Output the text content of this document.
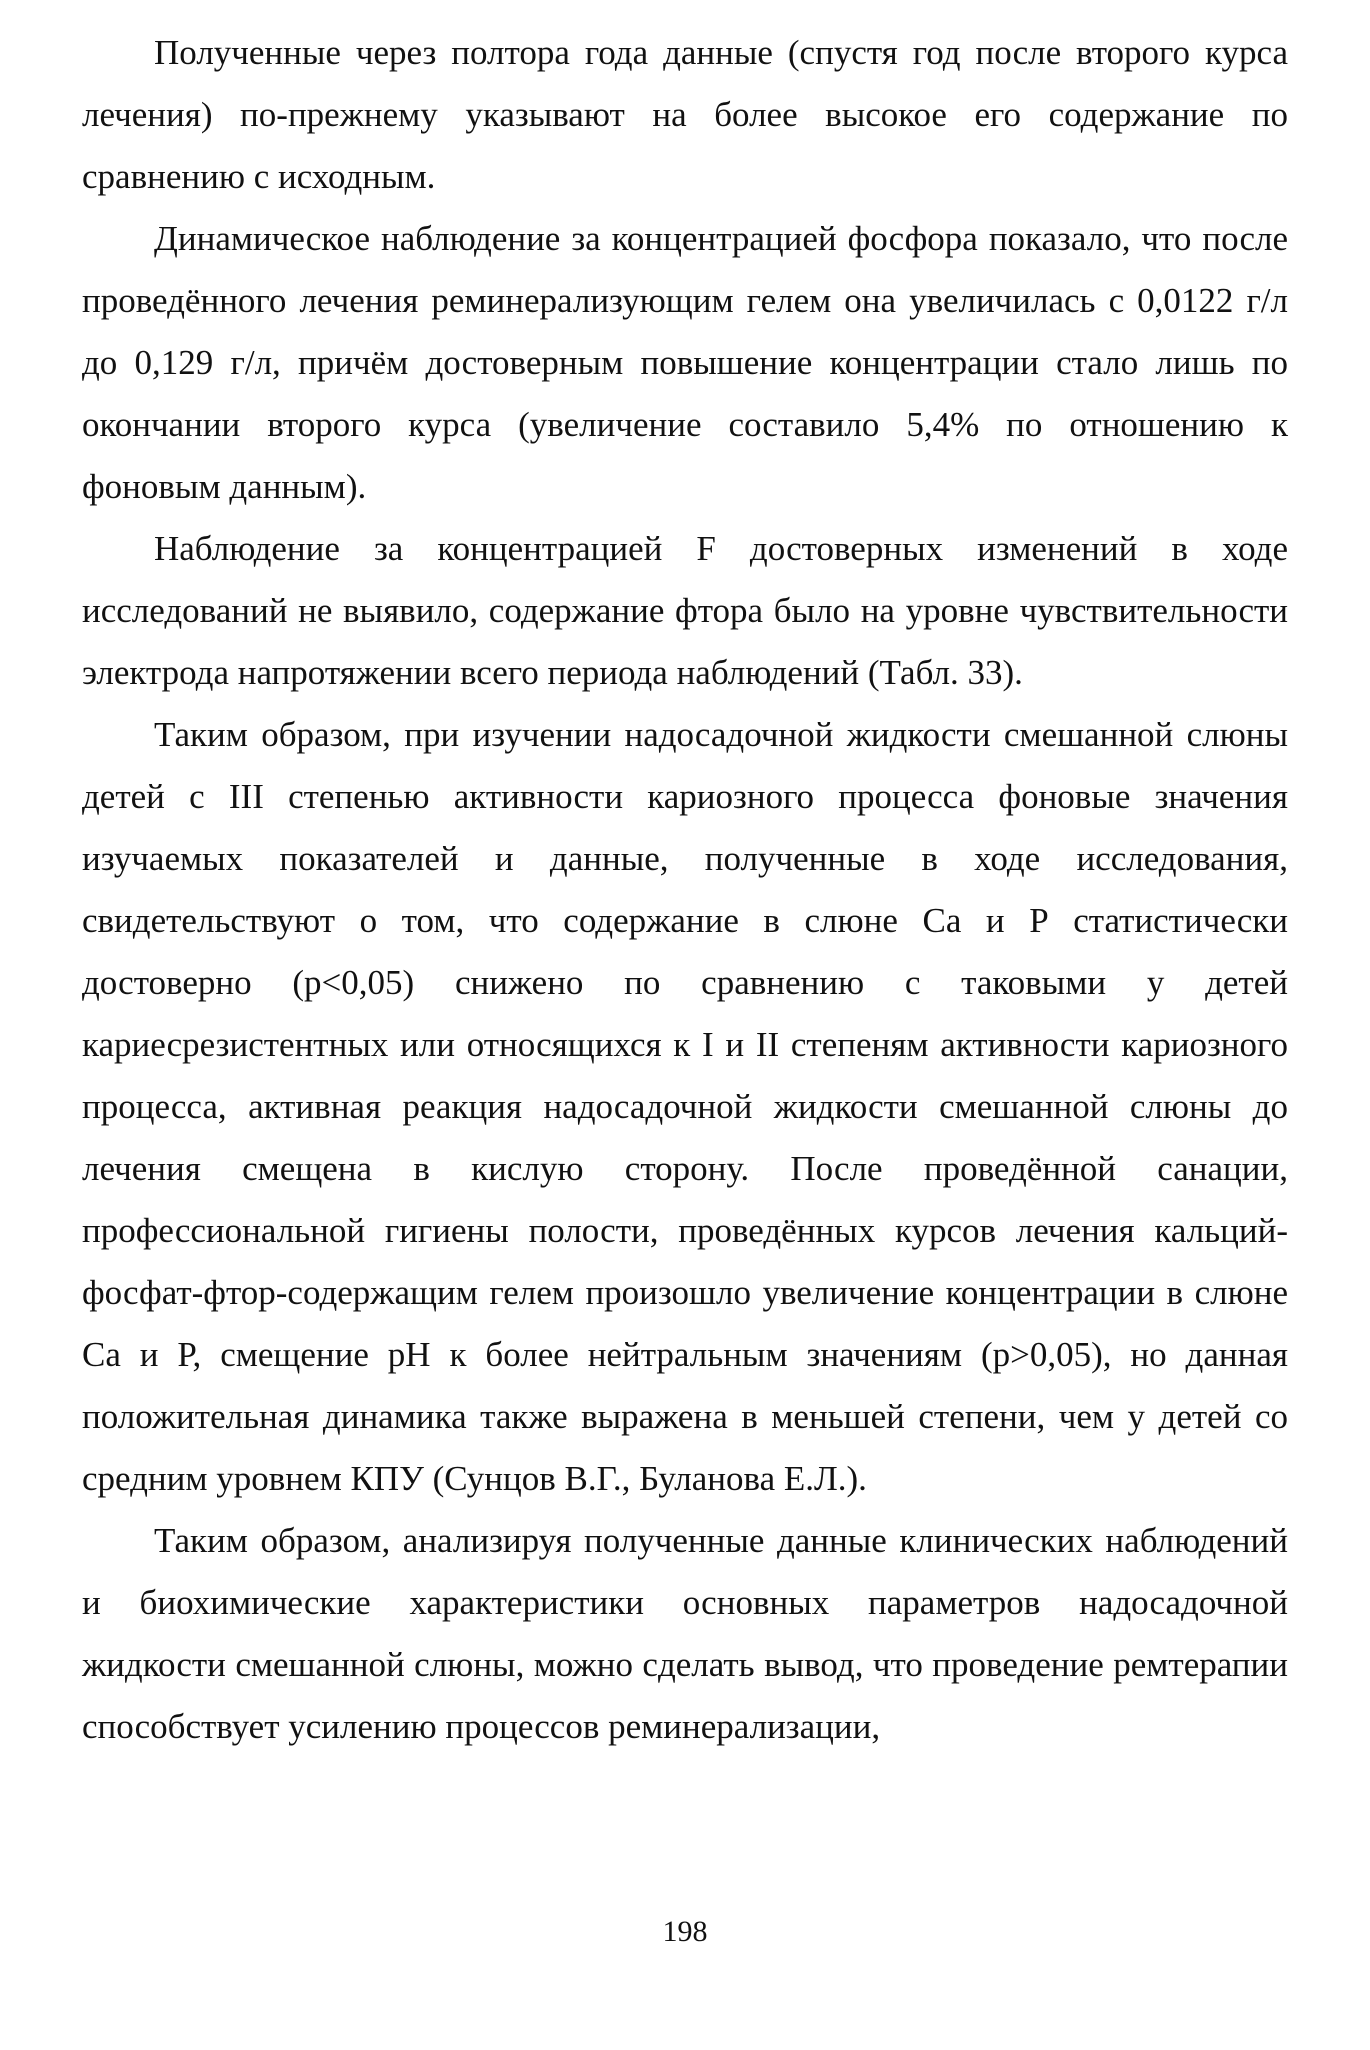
Полученные через полтора года данные (спустя год после второго курса лечения) по-прежнему указывают на более высокое его содержание по сравнению с исходным.

Динамическое наблюдение за концентрацией фосфора показало, что после проведённого лечения реминерализующим гелем она увеличилась с 0,0122 г/л до 0,129 г/л, причём достоверным повышение концентрации стало лишь по окончании второго курса (увеличение составило 5,4% по отношению к фоновым данным).

Наблюдение за концентрацией F достоверных изменений в ходе исследований не выявило, содержание фтора было на уровне чувствительности электрода напротяжении всего периода наблюдений (Табл. 33).

Таким образом, при изучении надосадочной жидкости смешанной слюны детей с III степенью активности кариозного процесса фоновые значения изучаемых показателей и данные, полученные в ходе исследования, свидетельствуют о том, что содержание в слюне Са и Р статистически достоверно (р<0,05) снижено по сравнению с таковыми у детей кариесрезистентных или относящихся к I и II степеням активности кариозного процесса, активная реакция надосадочной жидкости смешанной слюны до лечения смещена в кислую сторону. После проведённой санации, профессиональной гигиены полости, проведённых курсов лечения кальций-фосфат-фтор-содержащим гелем произошло увеличение концентрации в слюне Са и Р, смещение рН к более нейтральным значениям (р>0,05), но данная положительная динамика также выражена в меньшей степени, чем у детей со средним уровнем КПУ (Сунцов В.Г., Буланова Е.Л.).

Таким образом, анализируя полученные данные клинических наблюдений и биохимические характеристики основных параметров надосадочной жидкости смешанной слюны, можно сделать вывод, что проведение ремтерапии способствует усилению процессов реминерализации,

198
